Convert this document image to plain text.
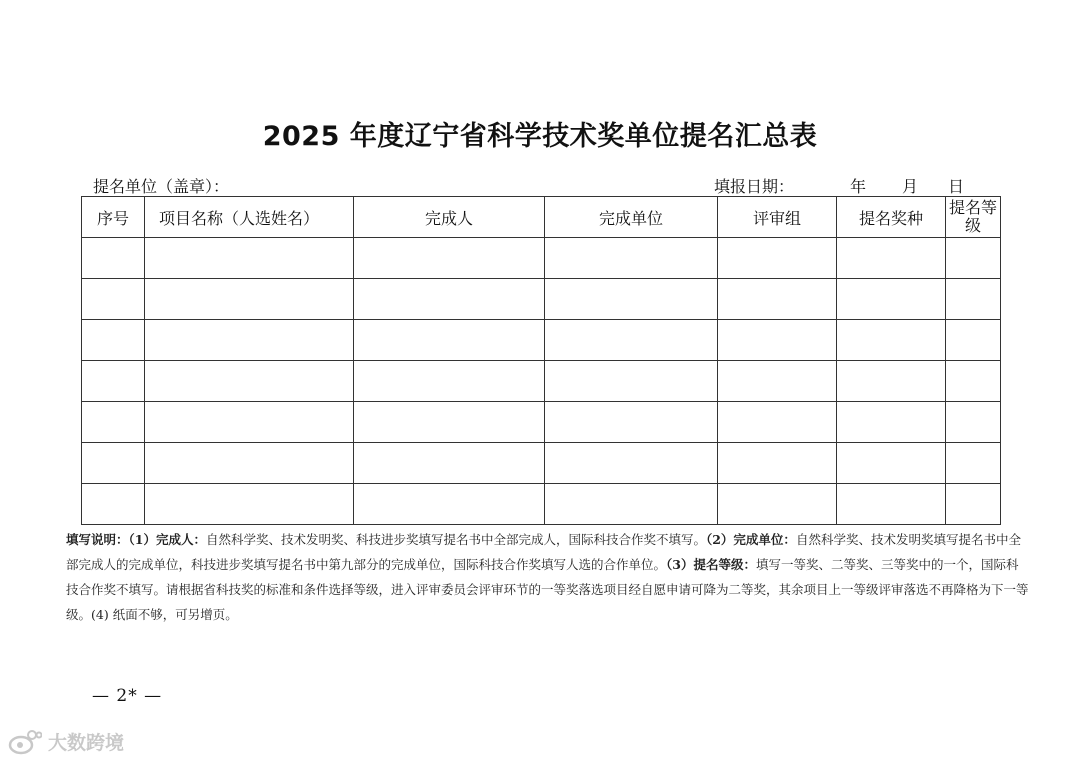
2025 年度辽宁省科学技术奖单位提名汇总表
提名单位（盖章）：	填报日期：	年 月 日
序号	项目名称（人选姓名）	完成人	完成单位	评审组	提名奖种	提名等级

填写说明：（1）完成人：自然科学奖、技术发明奖、科技进步奖填写提名书中全部完成人，国际科技合作奖不填写。（2）完成单位：自然科学奖、技术发明奖填写提名书中全部完成人的完成单位，科技进步奖填写提名书中第九部分的完成单位，国际科技合作奖填写人选的合作单位。（3）提名等级：填写一等奖、二等奖、三等奖中的一个，国际科技合作奖不填写。请根据省科技奖的标准和条件选择等级，进入评审委员会评审环节的一等奖落选项目经自愿申请可降为二等奖，其余项目上一等级评审落选不再降格为下一等级。(4) 纸面不够，可另增页。
— 2* —
大数跨境
